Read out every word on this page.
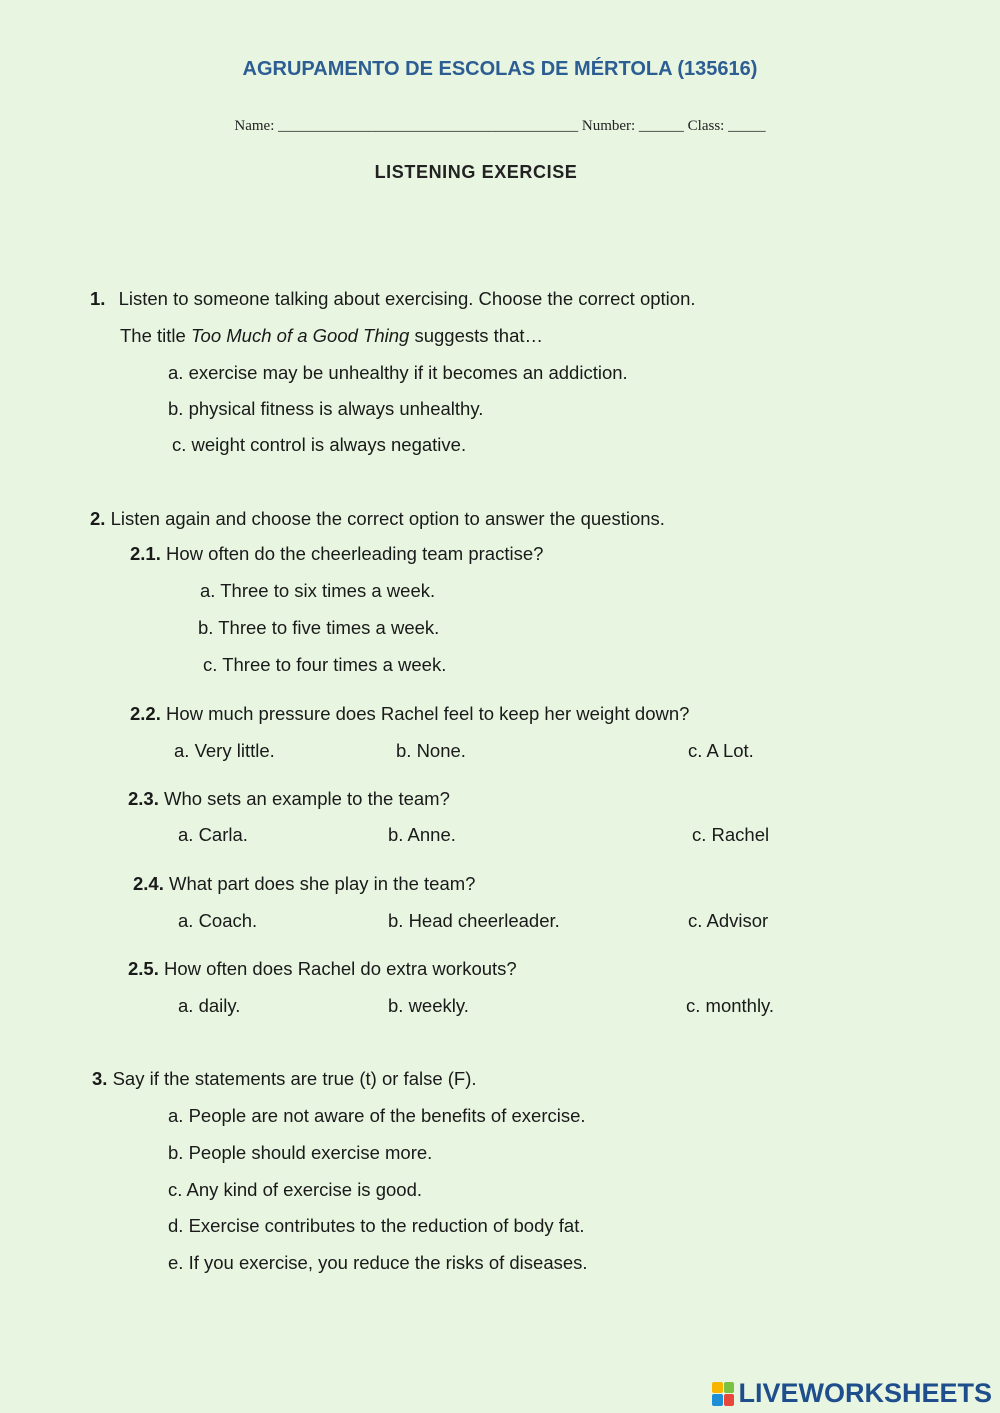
AGRUPAMENTO DE ESCOLAS DE MÉRTOLA (135616)
Name: ________________________________________ Number: ______ Class: _____
LISTENING EXERCISE
1. Listen to someone talking about exercising. Choose the correct option.
The title Too Much of a Good Thing suggests that…
a. exercise may be unhealthy if it becomes an addiction.
b. physical fitness is always unhealthy.
c. weight control is always negative.
2. Listen again and choose the correct option to answer the questions.
2.1. How often do the cheerleading team practise?
a. Three to six times a week.
b. Three to five times a week.
c. Three to four times a week.
2.2. How much pressure does Rachel feel to keep her weight down?
a. Very little.	b. None.	c. A Lot.
2.3. Who sets an example to the team?
a. Carla.	b. Anne.	c. Rachel
2.4. What part does she play in the team?
a. Coach.	b. Head cheerleader.	c. Advisor
2.5. How often does Rachel do extra workouts?
a. daily.	b. weekly.	c. monthly.
3. Say if the statements are true (t) or false (F).
a. People are not aware of the benefits of exercise.
b. People should exercise more.
c. Any kind of exercise is good.
d. Exercise contributes to the reduction of body fat.
e. If you exercise, you reduce the risks of diseases.
LIVEWORKSHEETS
